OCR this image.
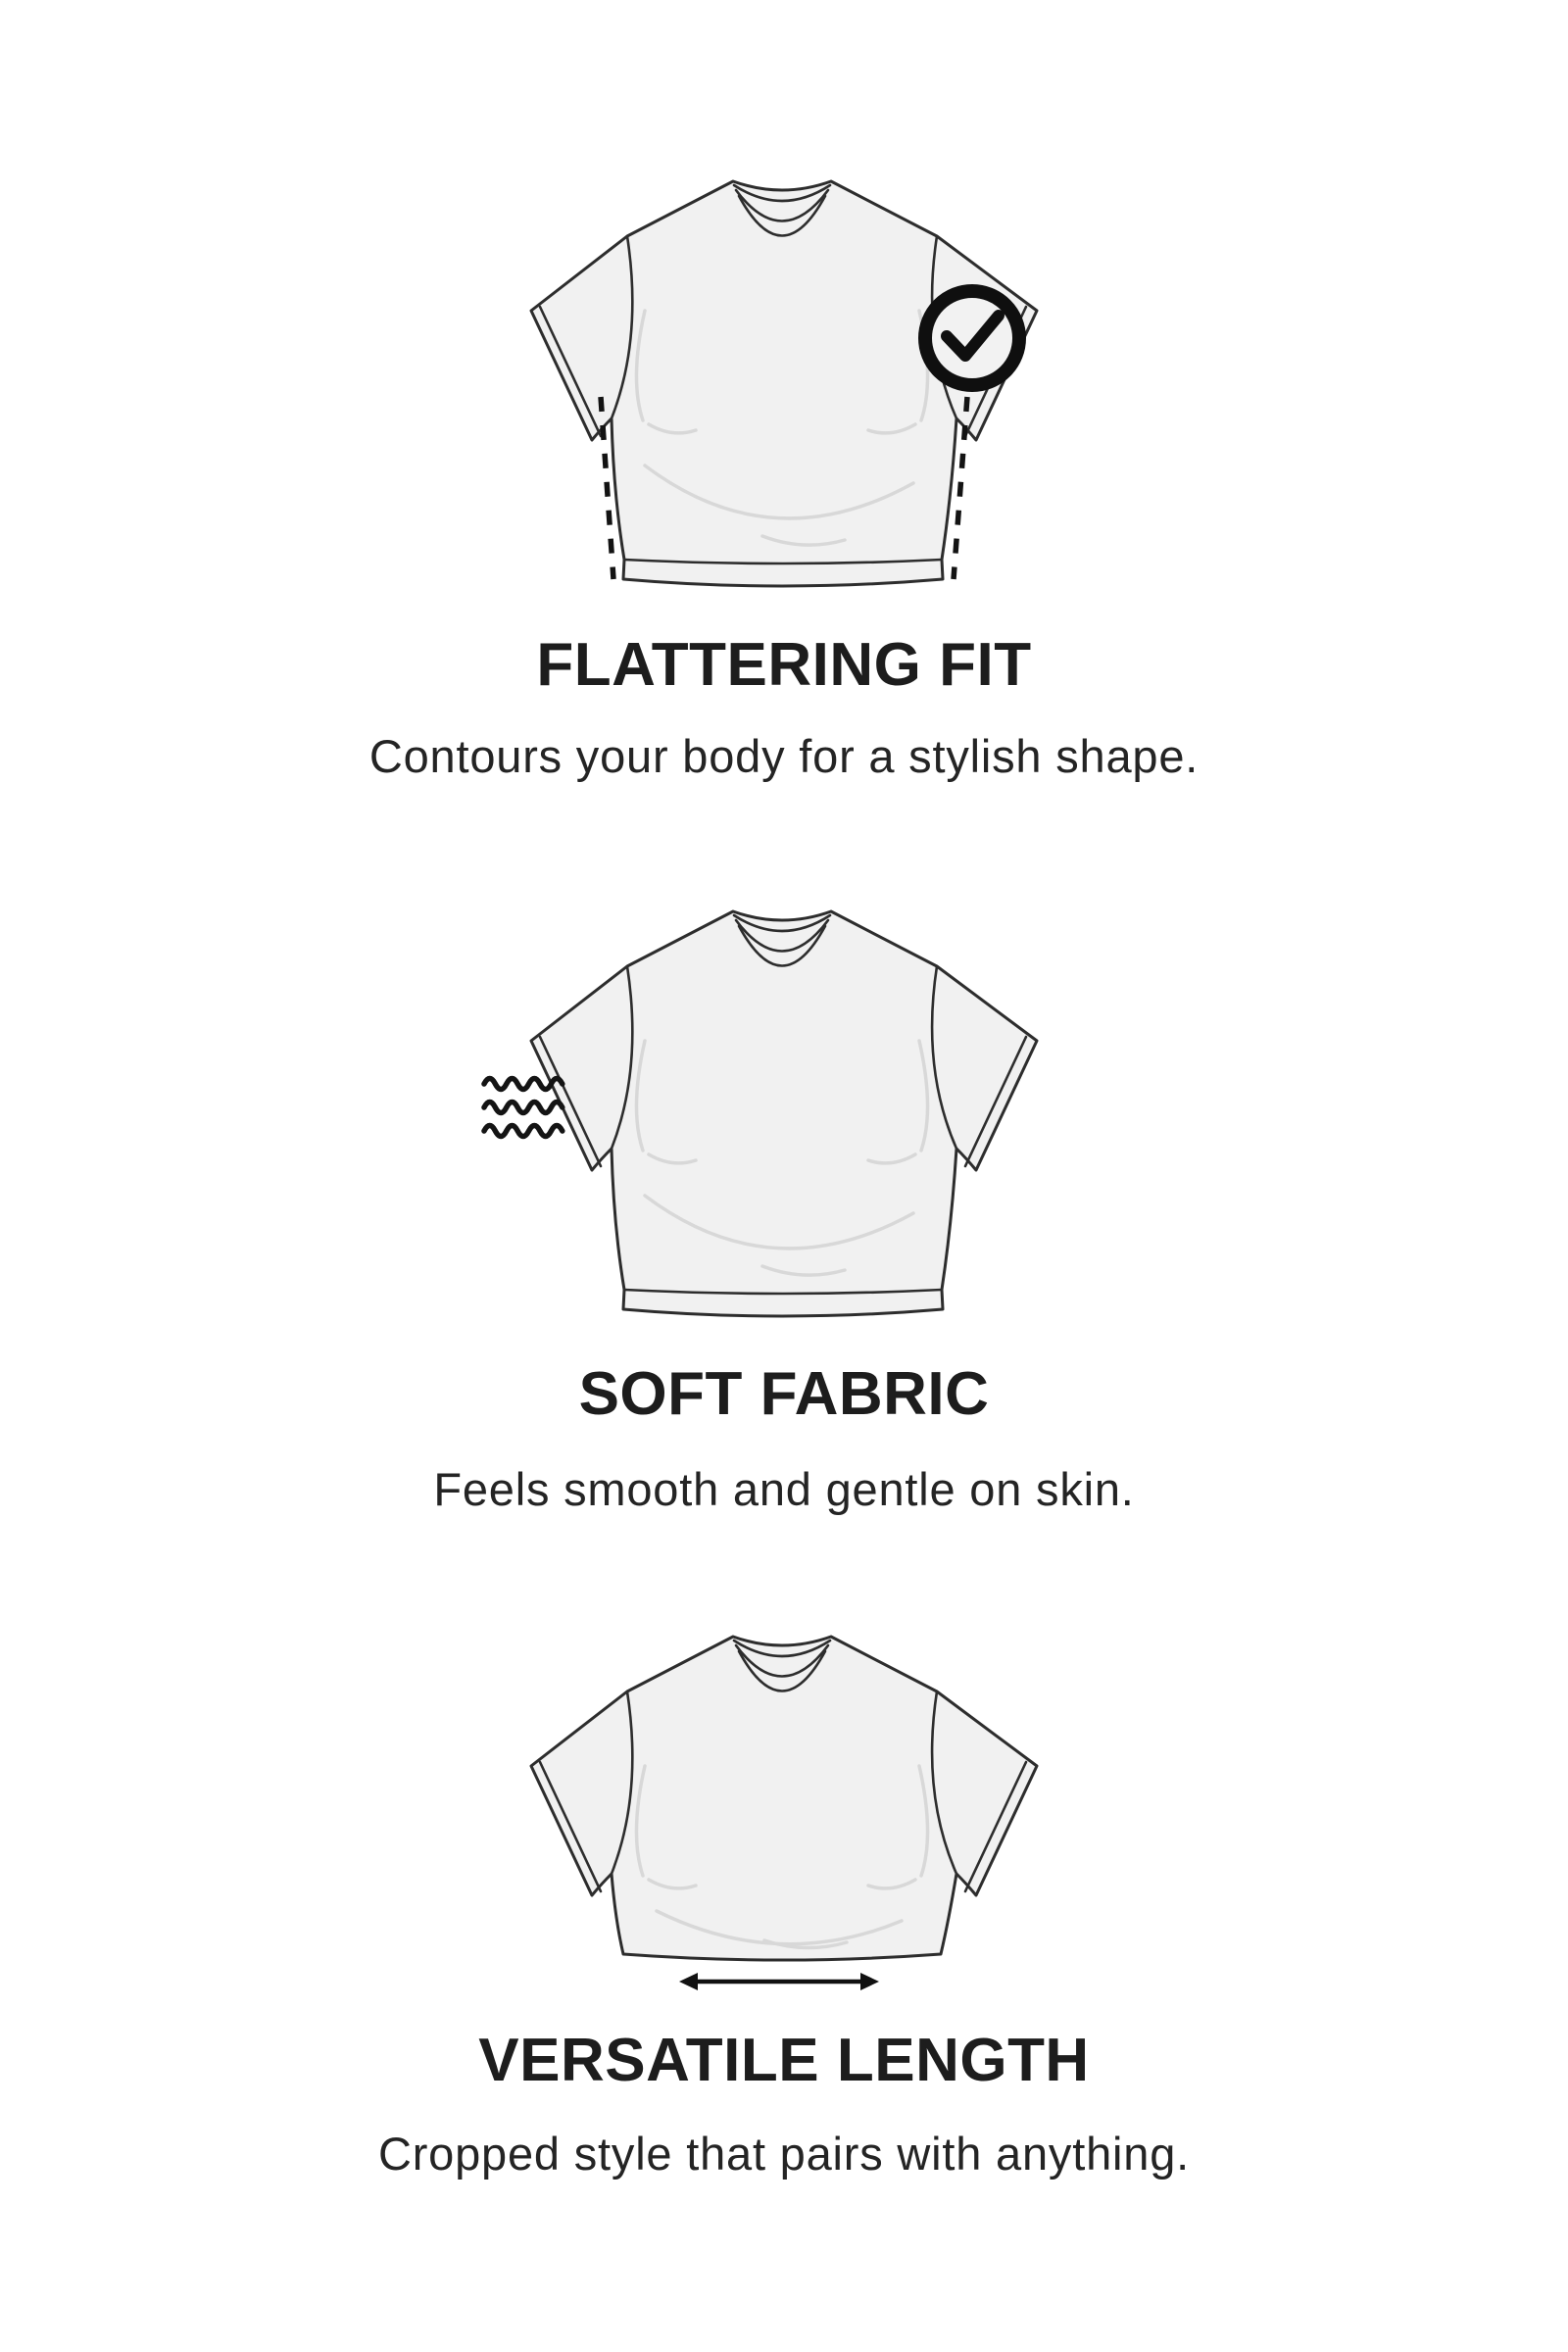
FLATTERING FIT
Contours your body for a stylish shape.
SOFT FABRIC
Feels smooth and gentle on skin.
VERSATILE LENGTH
Cropped style that pairs with anything.
